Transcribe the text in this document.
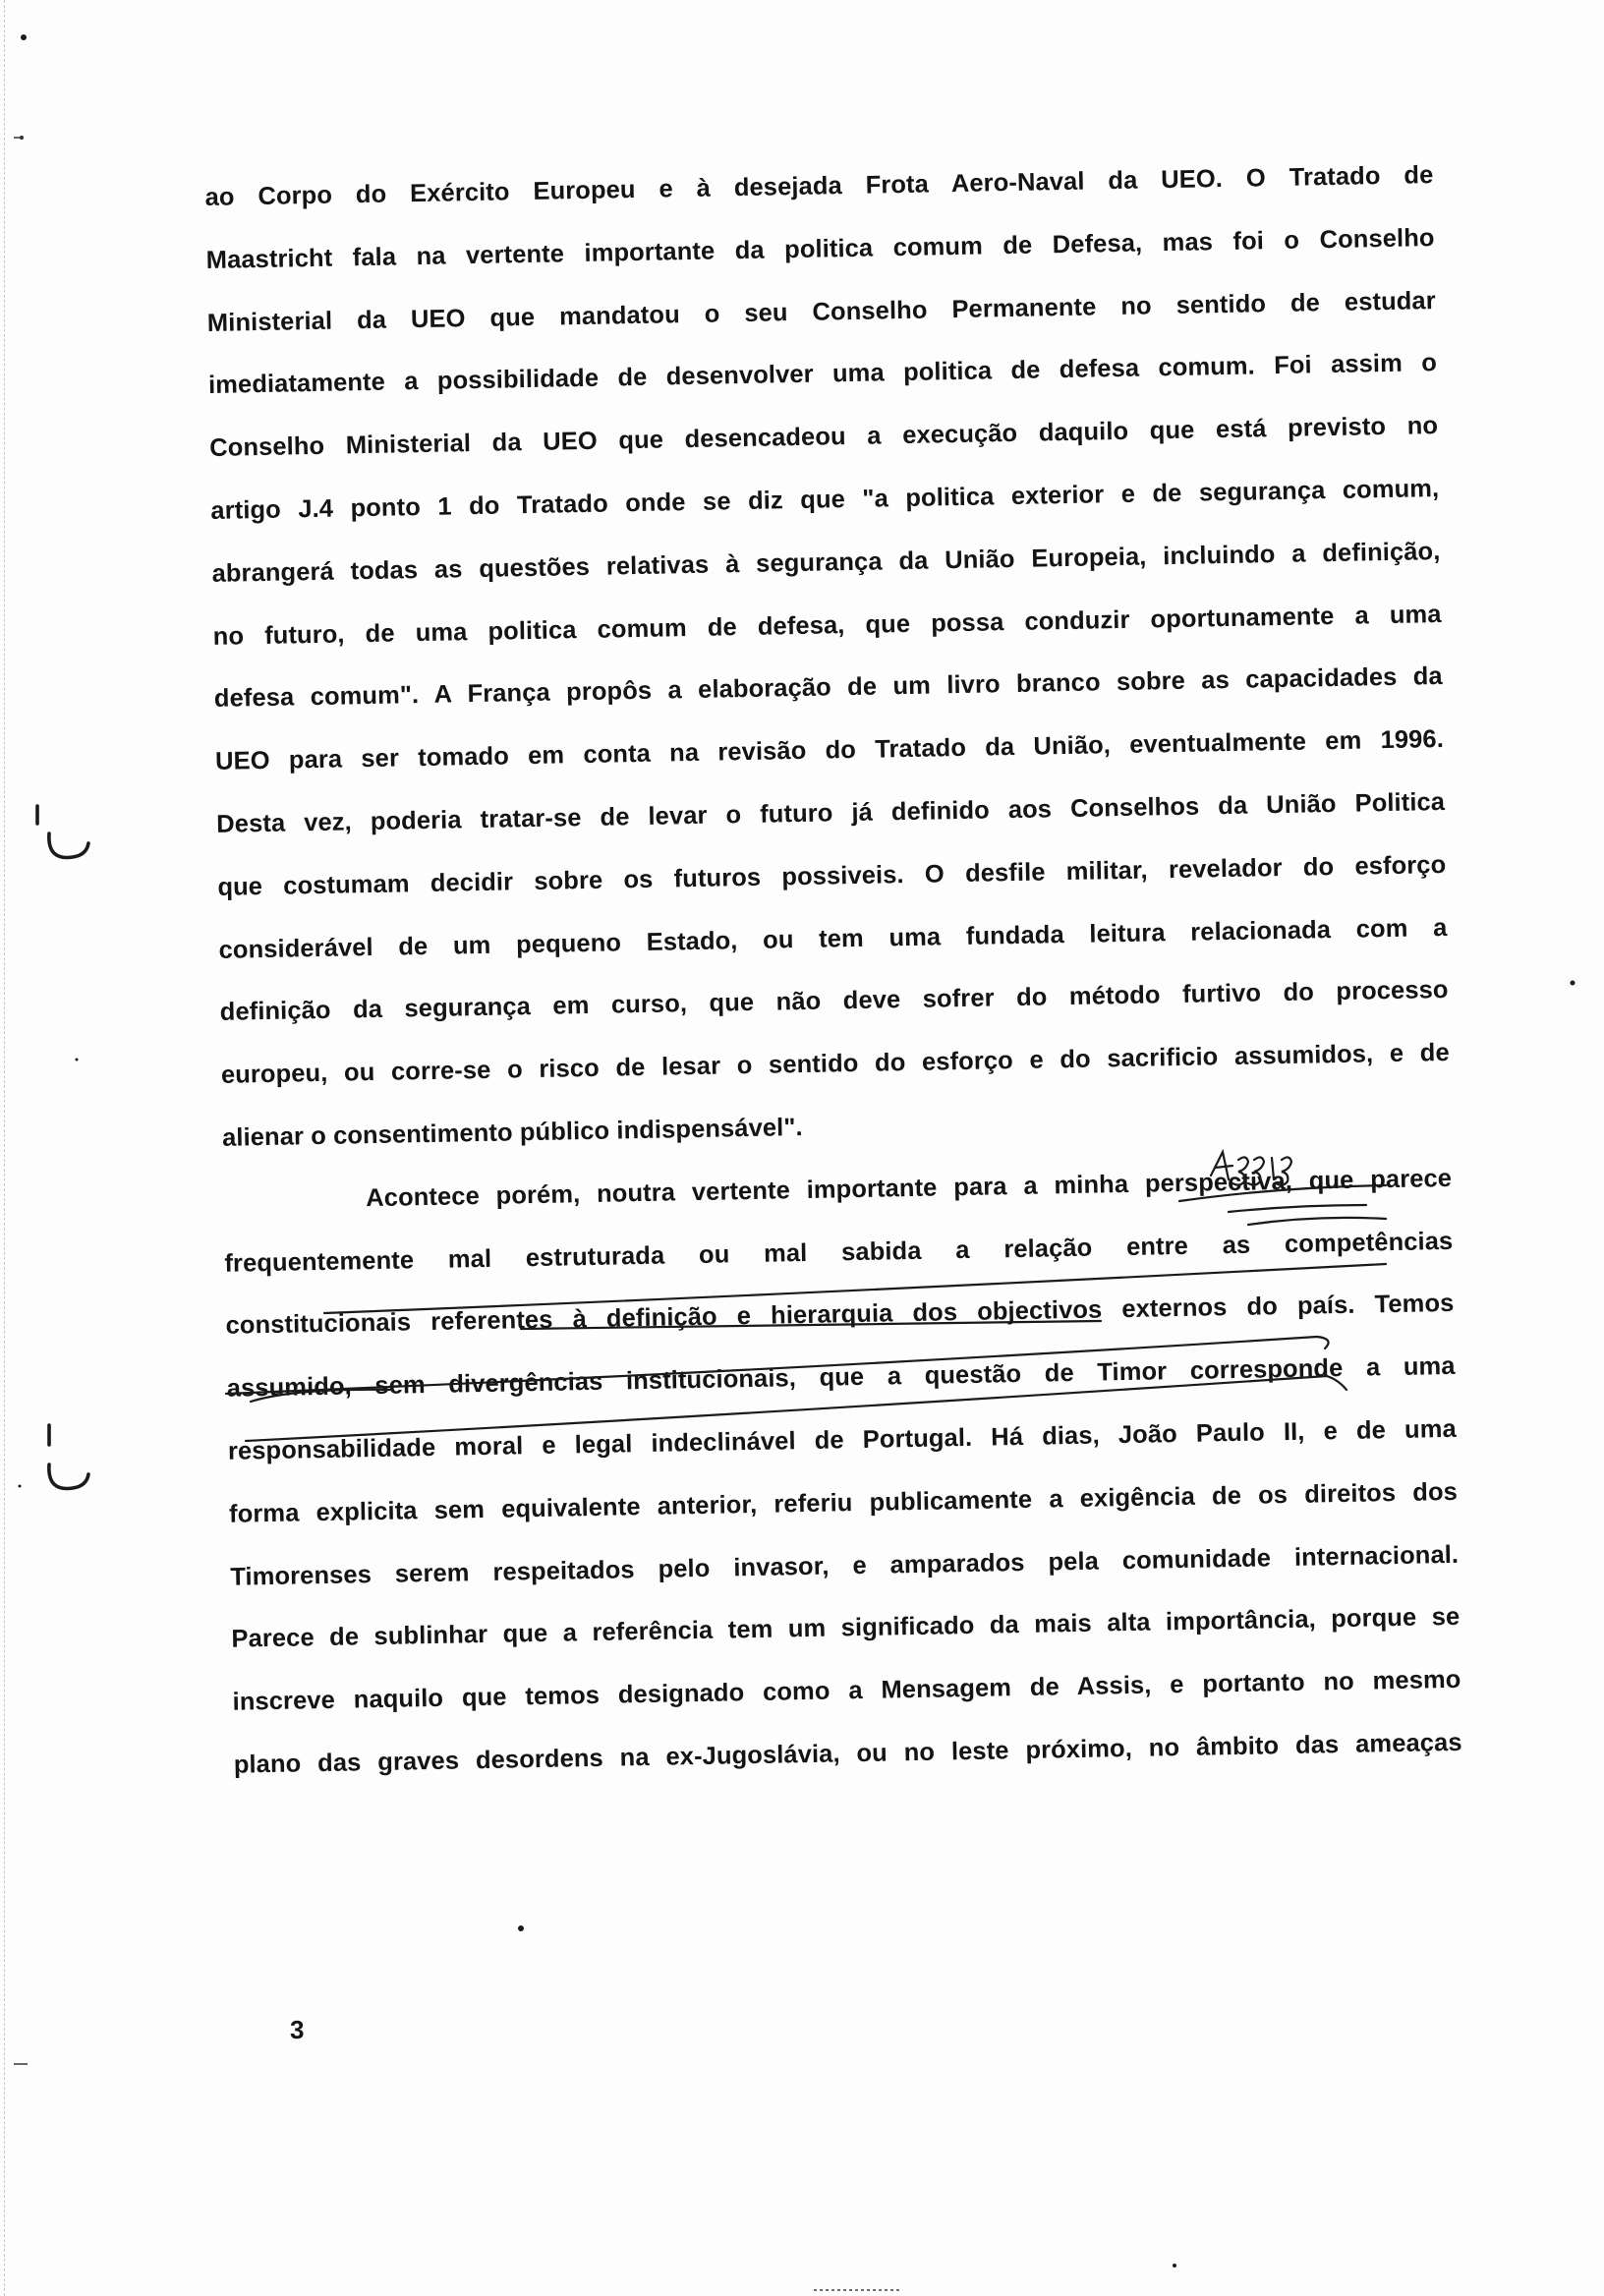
ao Corpo do Exército Europeu e à desejada Frota Aero-Naval da UEO. O Tratado de
Maastricht fala na vertente importante da politica comum de Defesa, mas foi o Conselho
Ministerial da UEO que mandatou o seu Conselho Permanente no sentido de estudar
imediatamente a possibilidade de desenvolver uma politica de defesa comum. Foi assim o
Conselho Ministerial da UEO que desencadeou a execução daquilo que está previsto no
artigo J.4 ponto 1 do Tratado onde se diz que "a politica exterior e de segurança comum,
abrangerá todas as questões relativas à segurança da União Europeia, incluindo a definição,
no futuro, de uma politica comum de defesa, que possa conduzir oportunamente a uma
defesa comum". A França propôs a elaboração de um livro branco sobre as capacidades da
UEO para ser tomado em conta na revisão do Tratado da União, eventualmente em 1996.
Desta vez, poderia tratar-se de levar o futuro já definido aos Conselhos da União Politica
que costumam decidir sobre os futuros possiveis. O desfile militar, revelador do esforço
considerável de um pequeno Estado, ou tem uma fundada leitura relacionada com a
definição da segurança em curso, que não deve sofrer do método furtivo do processo
europeu, ou corre-se o risco de lesar o sentido do esforço e do sacrificio assumidos, e de
alienar o consentimento público indispensável".
Acontece porém, noutra vertente importante para a minha perspectiva, que parece
frequentemente mal estruturada ou mal sabida a relação entre as competências
constitucionais referentes à definição e hierarquia dos objectivos externos do país. Temos
assumido, sem divergências institucionais, que a questão de Timor corresponde a uma
responsabilidade moral e legal indeclinável de Portugal. Há dias, João Paulo II, e de uma
forma explicita sem equivalente anterior, referiu publicamente a exigência de os direitos dos
Timorenses serem respeitados pelo invasor, e amparados pela comunidade internacional.
Parece de sublinhar que a referência tem um significado da mais alta importância, porque se
inscreve naquilo que temos designado como a Mensagem de Assis, e portanto no mesmo
plano das graves desordens na ex-Jugoslávia, ou no leste próximo, no âmbito das ameaças
3
